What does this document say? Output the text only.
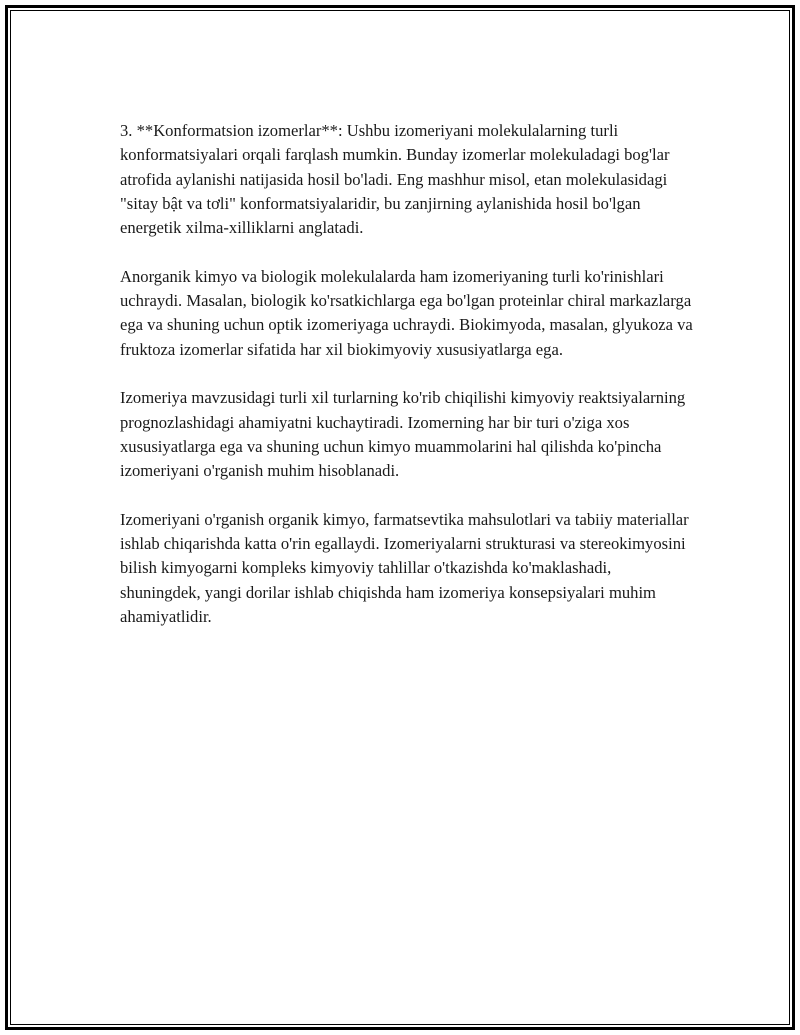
3. **Konformatsion izomerlar**: Ushbu izomeriyani molekulalarning turli konformatsiyalari orqali farqlash mumkin. Bunday izomerlar molekuladagi bog'lar atrofida aylanishi natijasida hosil bo'ladi. Eng mashhur misol, etan molekulasidagi "sitay bật va tơli" konformatsiyalaridir, bu zanjirning aylanishida hosil bo'lgan energetik xilma-xilliklarni anglatadi.

Anorganik kimyo va biologik molekulalarda ham izomeriyaning turli ko'rinishlari uchraydi. Masalan, biologik ko'rsatkichlarga ega bo'lgan proteinlar chiral markazlarga ega va shuning uchun optik izomeriyaga uchraydi. Biokimyoda, masalan, glyukoza va fruktoza izomerlar sifatida har xil biokimyoviy xususiyatlarga ega.

Izomeriya mavzusidagi turli xil turlarning ko'rib chiqilishi kimyoviy reaktsiyalarning prognozlashidagi ahamiyatni kuchaytiradi. Izomerning har bir turi o'ziga xos xususiyatlarga ega va shuning uchun kimyo muammolarini hal qilishda ko'pincha izomeriyani o'rganish muhim hisoblanadi.

Izomeriyani o'rganish organik kimyo, farmatsevtika mahsulotlari va tabiiy materiallar ishlab chiqarishda katta o'rin egallaydi. Izomeriyalarni strukturasi va stereokimyosini bilish kimyogarni kompleks kimyoviy tahlillar o'tkazishda ko'maklashadi, shuningdek, yangi dorilar ishlab chiqishda ham izomeriya konsepsiyalari muhim ahamiyatlidir.
